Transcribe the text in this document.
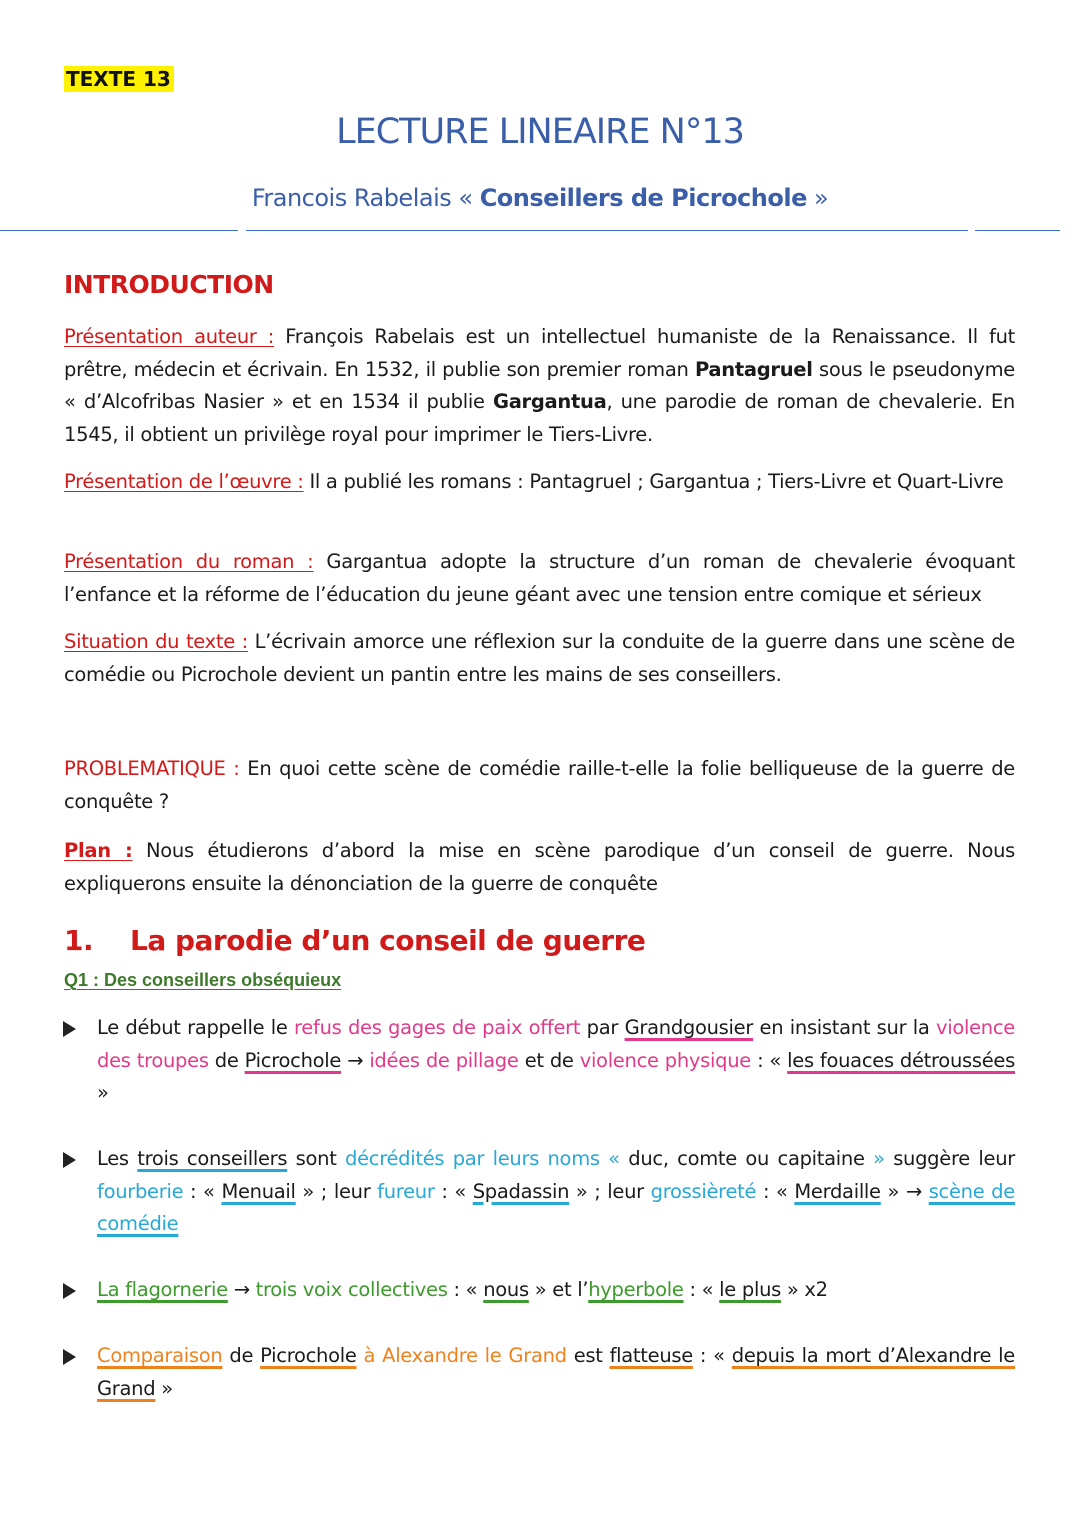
TEXTE 13
LECTURE LINEAIRE N°13
Francois Rabelais « Conseillers de Picrochole »
INTRODUCTION
Présentation auteur : François Rabelais est un intellectuel humaniste de la Renaissance. Il fut prêtre, médecin et écrivain. En 1532, il publie son premier roman Pantagruel sous le pseudonyme « d’Alcofribas Nasier » et en 1534 il publie Gargantua, une parodie de roman de chevalerie. En 1545, il obtient un privilège royal pour imprimer le Tiers-Livre.
Présentation de l’œuvre : Il a publié les romans : Pantagruel ; Gargantua ; Tiers-Livre et Quart-Livre
Présentation du roman : Gargantua adopte la structure d’un roman de chevalerie évoquant l’enfance et la réforme de l’éducation du jeune géant avec une tension entre comique et sérieux
Situation du texte : L’écrivain amorce une réflexion sur la conduite de la guerre dans une scène de comédie ou Picrochole devient un pantin entre les mains de ses conseillers.
PROBLEMATIQUE : En quoi cette scène de comédie raille-t-elle la folie belliqueuse de la guerre de conquête ?
Plan : Nous étudierons d’abord la mise en scène parodique d’un conseil de guerre. Nous expliquerons ensuite la dénonciation de la guerre de conquête
1. La parodie d’un conseil de guerre
Q1 : Des conseillers obséquieux
Le début rappelle le refus des gages de paix offert par Grandgousier en insistant sur la violence des troupes de Picrochole → idées de pillage et de violence physique : « les fouaces détroussées »
Les trois conseillers sont décrédités par leurs noms « duc, comte ou capitaine » suggère leur fourberie : « Menuail » ; leur fureur : « Spadassin » ; leur grossièreté : « Merdaille » → scène de comédie
La flagornerie → trois voix collectives : « nous » et l’hyperbole : « le plus » x2
Comparaison de Picrochole à Alexandre le Grand est flatteuse : « depuis la mort d’Alexandre le Grand »
